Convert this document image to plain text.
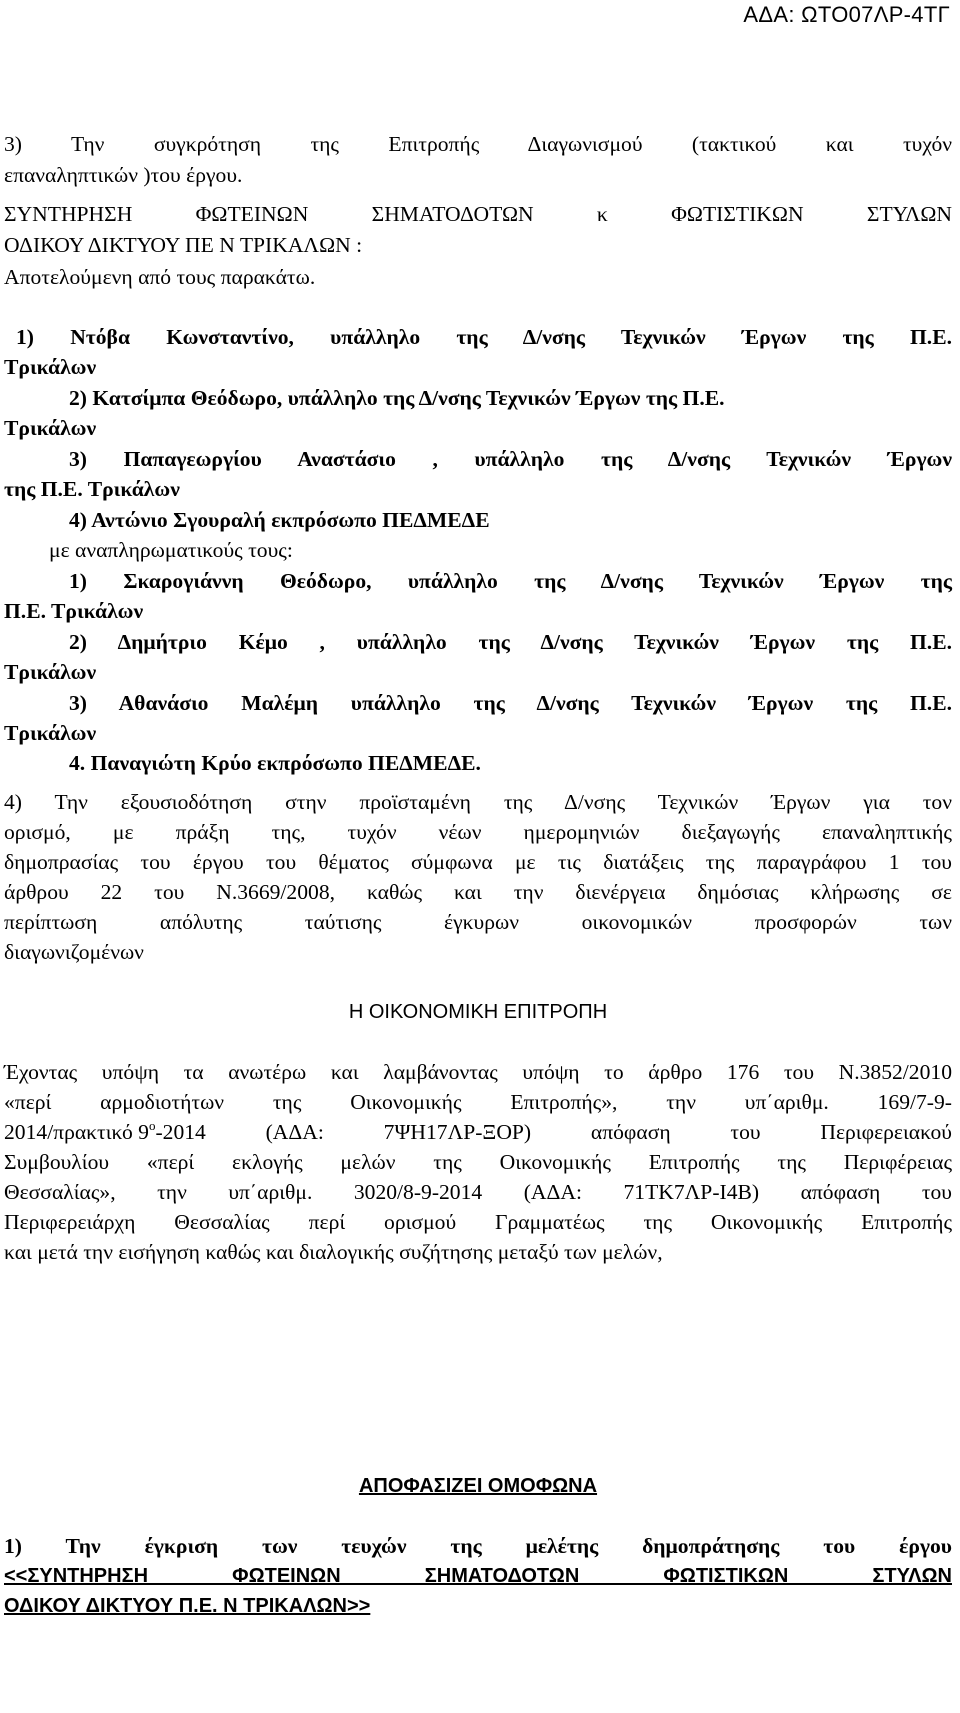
ΑΔΑ: ΩΤΟ07ΛΡ-4ΤΓ
3) Την συγκρότηση της Επιτροπής Διαγωνισμού (τακτικού και τυχόν
επαναληπτικών )του έργου.
ΣΥΝΤΗΡΗΣΗ ΦΩΤΕΙΝΩΝ ΣΗΜΑΤΟΔΟΤΩΝ κ ΦΩΤΙΣΤΙΚΩΝ ΣΤΥΛΩΝ
ΟΔΙΚΟΥ ΔΙΚΤΥΟΥ ΠΕ Ν ΤΡΙΚΑΛΩΝ :
Αποτελούμενη από τους παρακάτω.
1) Ντόβα Κωνσταντίνο, υπάλληλο της Δ/νσης Τεχνικών Έργων της Π.Ε.
Τρικάλων
2) Κατσίμπα Θεόδωρο, υπάλληλο της Δ/νσης Τεχνικών Έργων της Π.Ε.
Τρικάλων
3) Παπαγεωργίου Αναστάσιο , υπάλληλο της Δ/νσης Τεχνικών Έργων
της Π.Ε. Τρικάλων
4) Αντώνιο Σγουραλή εκπρόσωπο ΠΕΔΜΕΔΕ
με αναπληρωματικούς τους:
1) Σκαρογιάννη Θεόδωρο, υπάλληλο της Δ/νσης Τεχνικών Έργων της
Π.Ε. Τρικάλων
2) Δημήτριο Κέμο , υπάλληλο της Δ/νσης Τεχνικών Έργων της Π.Ε.
Τρικάλων
3) Αθανάσιο Μαλέμη υπάλληλο της Δ/νσης Τεχνικών Έργων της Π.Ε.
Τρικάλων
4. Παναγιώτη Κρύο εκπρόσωπο ΠΕΔΜΕΔΕ.
4) Την εξουσιοδότηση στην προϊσταμένη της Δ/νσης Τεχνικών Έργων για τον
ορισμό, με πράξη της, τυχόν νέων ημερομηνιών διεξαγωγής επαναληπτικής
δημοπρασίας του έργου του θέματος σύμφωνα με τις διατάξεις της παραγράφου 1 του
άρθρου 22 του Ν.3669/2008, καθώς και την διενέργεια δημόσιας κλήρωσης σε
περίπτωση απόλυτης ταύτισης έγκυρων οικονομικών προσφορών των
διαγωνιζομένων
Η ΟΙΚΟΝΟΜΙΚΗ ΕΠΙΤΡΟΠΗ
Έχοντας υπόψη τα ανωτέρω και λαμβάνοντας υπόψη το άρθρο 176 του Ν.3852/2010
«περί αρμοδιοτήτων της Οικονομικής Επιτροπής», την υπ΄αριθμ. 169/7-9-
2014/πρακτικό $9^o$ -2014 (ΑΔΑ: 7ΨΗ17ΛΡ-ΞΟΡ) απόφαση του Περιφερειακού
Συμβουλίου «περί εκλογής μελών της Οικονομικής Επιτροπής της Περιφέρειας
Θεσσαλίας», την υπ΄αριθμ. 3020/8-9-2014 (ΑΔΑ: 71ΤΚ7ΛΡ-Ι4Β) απόφαση του
Περιφερειάρχη Θεσσαλίας περί ορισμού Γραμματέως της Οικονομικής Επιτροπής
και μετά την εισήγηση καθώς και διαλογικής συζήτησης μεταξύ των μελών,
ΑΠΟΦΑΣΙΖΕΙ ΟΜΟΦΩΝΑ
1) Την έγκριση των τευχών της μελέτης δημοπράτησης του έργου
<<ΣΥΝΤΗΡΗΣΗ ΦΩΤΕΙΝΩΝ ΣΗΜΑΤΟΔΟΤΩΝ ΦΩΤΙΣΤΙΚΩΝ ΣΤΥΛΩΝ
ΟΔΙΚΟΥ ΔΙΚΤΥΟΥ Π.Ε. Ν ΤΡΙΚΑΛΩΝ>>
